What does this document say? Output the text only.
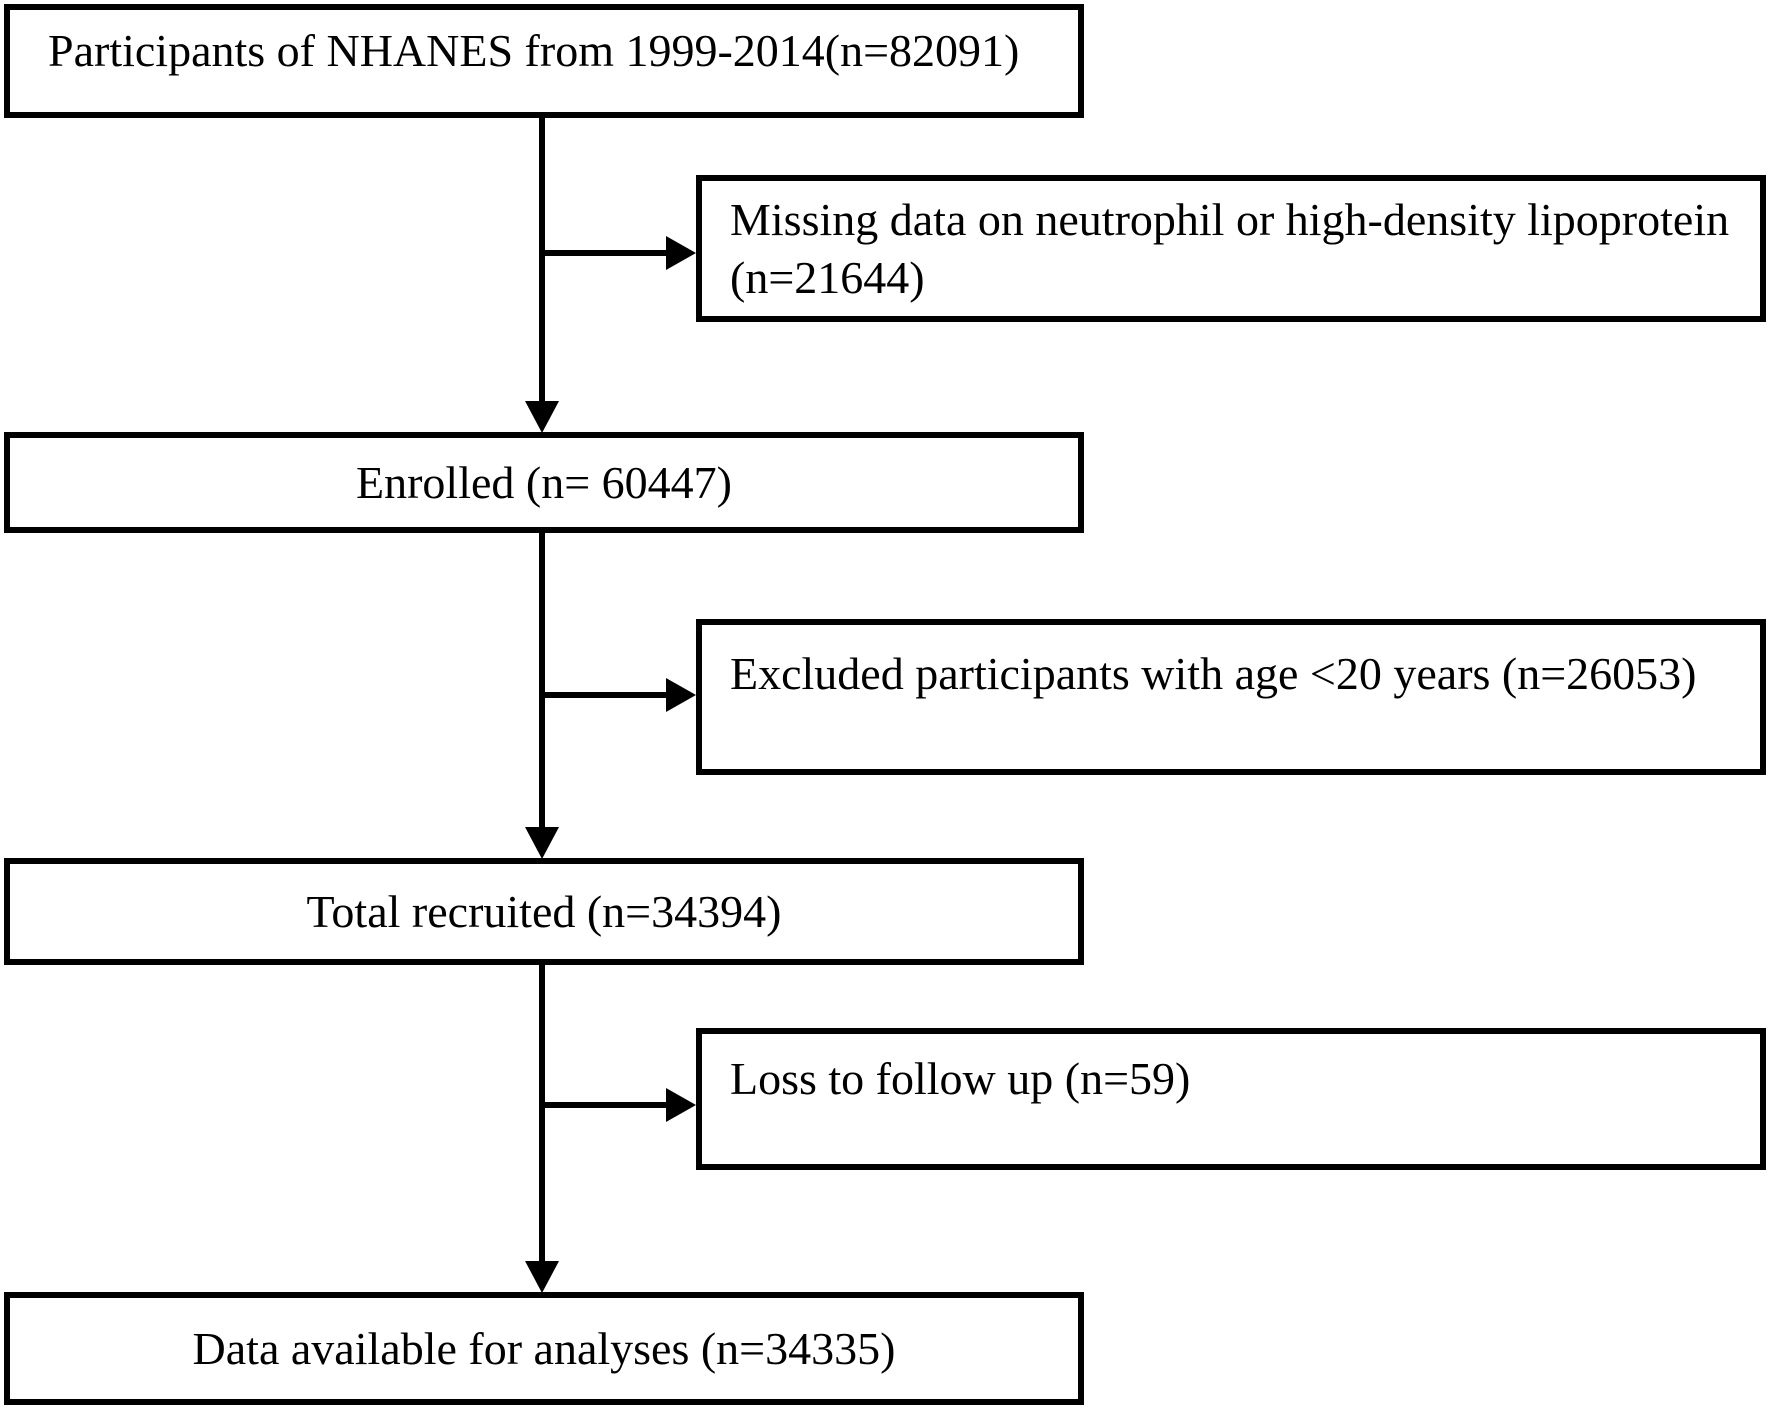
Participants of NHANES from 1999-2014(n=82091)
Enrolled (n= 60447)
Total recruited (n=34394)
Data available for analyses (n=34335)
Missing data on neutrophil or high-density lipoprotein (n=21644)
Excluded participants with age <20 years (n=26053)
Loss to follow up (n=59)
